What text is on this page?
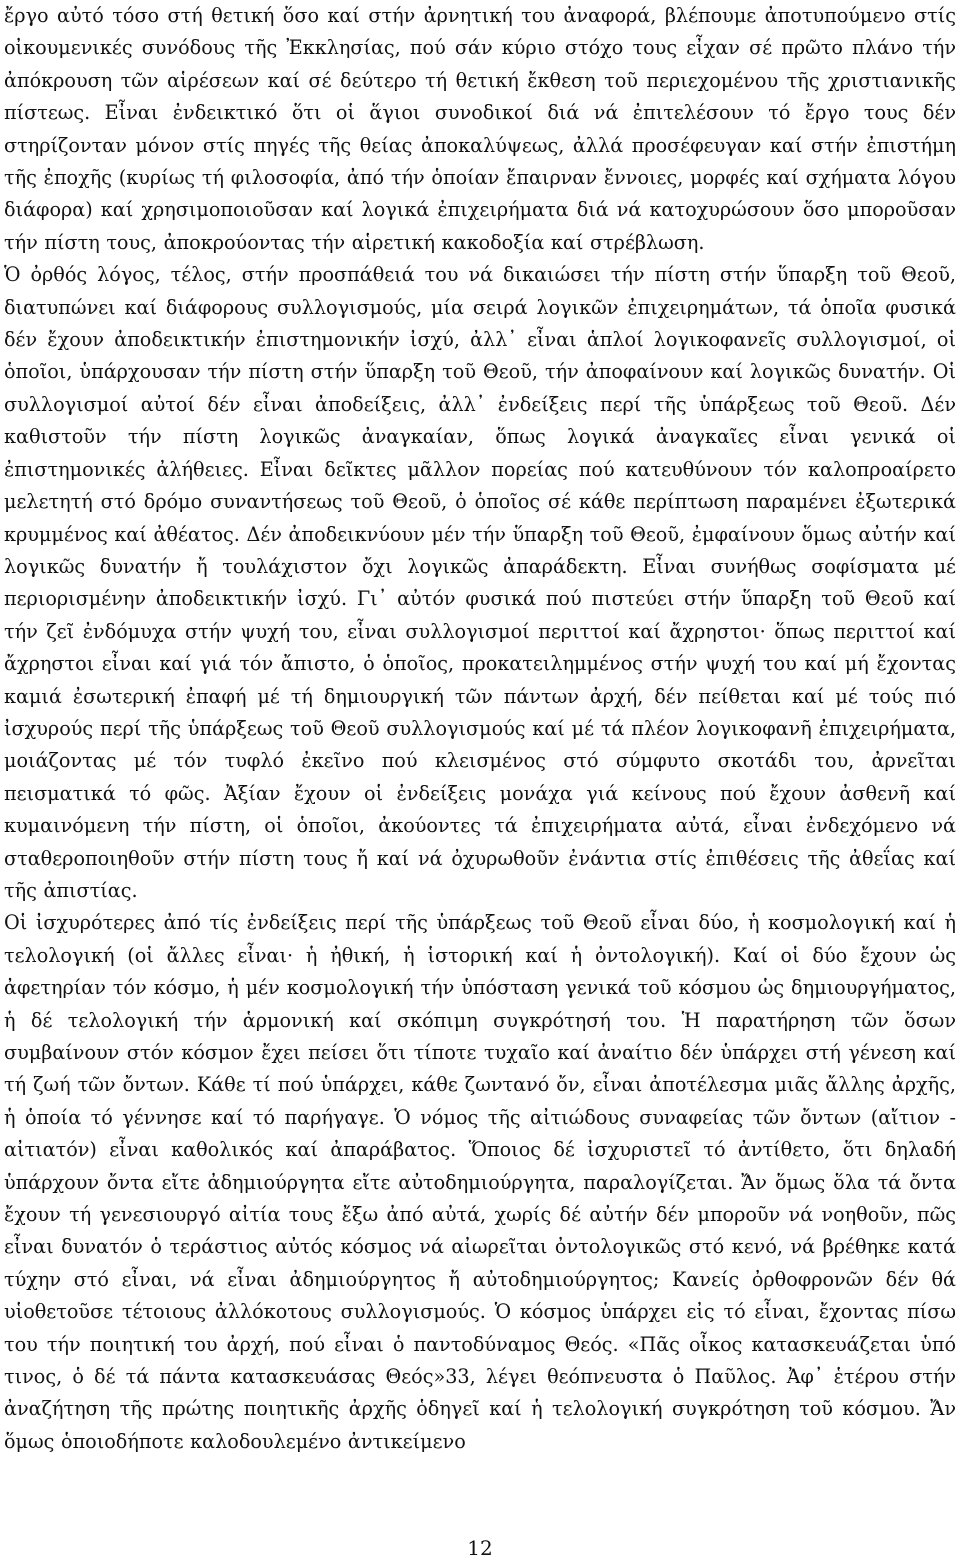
ἔργο αὐτό τόσο στή θετική ὅσο καί στήν ἀρνητική του ἀναφορά, βλέπουμε ἀποτυπούμενο στίς οἰκουμενικές συνόδους τῆς Ἐκκλησίας, πού σάν κύριο στόχο τους εἶχαν σέ πρῶτο πλάνο τήν ἀπόκρουση τῶν αἱρέσεων καί σέ δεύτερο τή θετική ἔκθεση τοῦ περιεχομένου τῆς χριστιανικῆς πίστεως. Εἶναι ἐνδεικτικό ὅτι οἱ ἅγιοι συνοδικοί διά νά ἐπιτελέσουν τό ἔργο τους δέν στηρίζονταν μόνον στίς πηγές τῆς θείας ἀποκαλύψεως, ἀλλά προσέφευγαν καί στήν ἐπιστήμη τῆς ἐποχῆς (κυρίως τή φιλοσοφία, ἀπό τήν ὁποίαν ἔπαιρναν ἔννοιες, μορφές καί σχήματα λόγου διάφορα) καί χρησιμοποιοῦσαν καί λογικά ἐπιχειρήματα διά νά κατοχυρώσουν ὅσο μποροῦσαν τήν πίστη τους, ἀποκρούοντας τήν αἱρετική κακοδοξία καί στρέβλωση.

Ὁ ὀρθός λόγος, τέλος, στήν προσπάθειά του νά δικαιώσει τήν πίστη στήν ὕπαρξη τοῦ Θεοῦ, διατυπώνει καί διάφορους συλλογισμούς, μία σειρά λογικῶν ἐπιχειρημάτων, τά ὁποῖα φυσικά δέν ἔχουν ἀποδεικτικήν ἐπιστημονικήν ἰσχύ, ἀλλ᾿ εἶναι ἁπλοί λογικοφανεῖς συλλογισμοί, οἱ ὁποῖοι, ὑπάρχουσαν τήν πίστη στήν ὕπαρξη τοῦ Θεοῦ, τήν ἀποφαίνουν καί λογικῶς δυνατήν. Οἱ συλλογισμοί αὐτοί δέν εἶναι ἀποδείξεις, ἀλλ᾿ ἐνδείξεις περί τῆς ὑπάρξεως τοῦ Θεοῦ. Δέν καθιστοῦν τήν πίστη λογικῶς ἀναγκαίαν, ὅπως λογικά ἀναγκαῖες εἶναι γενικά οἱ ἐπιστημονικές ἀλήθειες. Εἶναι δεῖκτες μᾶλλον πορείας πού κατευθύνουν τόν καλοπροαίρετο μελετητή στό δρόμο συναντήσεως τοῦ Θεοῦ, ὁ ὁποῖος σέ κάθε περίπτωση παραμένει ἐξωτερικά κρυμμένος καί ἀθέατος. Δέν ἀποδεικνύουν μέν τήν ὕπαρξη τοῦ Θεοῦ, ἐμφαίνουν ὅμως αὐτήν καί λογικῶς δυνατήν ἤ τουλάχιστον ὄχι λογικῶς ἀπαράδεκτη. Εἶναι συνήθως σοφίσματα μέ περιορισμένην ἀποδεικτικήν ἰσχύ. Γι᾿ αὐτόν φυσικά πού πιστεύει στήν ὕπαρξη τοῦ Θεοῦ καί τήν ζεῖ ἐνδόμυχα στήν ψυχή του, εἶναι συλλογισμοί περιττοί καί ἄχρηστοι· ὅπως περιττοί καί ἄχρηστοι εἶναι καί γιά τόν ἄπιστο, ὁ ὁποῖος, προκατειλημμένος στήν ψυχή του καί μή ἔχοντας καμιά ἐσωτερική ἐπαφή μέ τή δημιουργική τῶν πάντων ἀρχή, δέν πείθεται καί μέ τούς πιό ἰσχυρούς περί τῆς ὑπάρξεως τοῦ Θεοῦ συλλογισμούς καί μέ τά πλέον λογικοφανῆ ἐπιχειρήματα, μοιάζοντας μέ τόν τυφλό ἐκεῖνο πού κλεισμένος στό σύμφυτο σκοτάδι του, ἀρνεῖται πεισματικά τό φῶς. Ἀξίαν ἔχουν οἱ ἐνδείξεις μονάχα γιά κείνους πού ἔχουν ἀσθενῆ καί κυμαινόμενη τήν πίστη, οἱ ὁποῖοι, ἀκούοντες τά ἐπιχειρήματα αὐτά, εἶναι ἐνδεχόμενο νά σταθεροποιηθοῦν στήν πίστη τους ἤ καί νά ὀχυρωθοῦν ἐνάντια στίς ἐπιθέσεις τῆς ἀθεΐας καί τῆς ἀπιστίας.

Οἱ ἰσχυρότερες ἀπό τίς ἐνδείξεις περί τῆς ὑπάρξεως τοῦ Θεοῦ εἶναι δύο, ἡ κοσμολογική καί ἡ τελολογική (οἱ ἄλλες εἶναι· ἡ ἠθική, ἡ ἱστορική καί ἡ ὀντολογική). Καί οἱ δύο ἔχουν ὡς ἀφετηρίαν τόν κόσμο, ἡ μέν κοσμολογική τήν ὑπόσταση γενικά τοῦ κόσμου ὡς δημιουργήματος, ἡ δέ τελολογική τήν ἁρμονική καί σκόπιμη συγκρότησή του. Ἡ παρατήρηση τῶν ὅσων συμβαίνουν στόν κόσμον ἔχει πείσει ὅτι τίποτε τυχαῖο καί ἀναίτιο δέν ὑπάρχει στή γένεση καί τή ζωή τῶν ὄντων. Κάθε τί πού ὑπάρχει, κάθε ζωντανό ὄν, εἶναι ἀποτέλεσμα μιᾶς ἄλλης ἀρχῆς, ἡ ὁποία τό γέννησε καί τό παρήγαγε. Ὁ νόμος τῆς αἰτιώδους συναφείας τῶν ὄντων (αἴτιον - αἰτιατόν) εἶναι καθολικός καί ἀπαράβατος. Ὅποιος δέ ἰσχυριστεῖ τό ἀντίθετο, ὅτι δηλαδή ὑπάρχουν ὄντα εἴτε ἀδημιούργητα εἴτε αὐτοδημιούργητα, παραλογίζεται. Ἄν ὅμως ὅλα τά ὄντα ἔχουν τή γενεσιουργό αἰτία τους ἔξω ἀπό αὐτά, χωρίς δέ αὐτήν δέν μποροῦν νά νοηθοῦν, πῶς εἶναι δυνατόν ὁ τεράστιος αὐτός κόσμος νά αἰωρεῖται ὀντολογικῶς στό κενό, νά βρέθηκε κατά τύχην στό εἶναι, νά εἶναι ἀδημιούργητος ἤ αὐτοδημιούργητος; Κανείς ὀρθοφρονῶν δέν θά υἱοθετοῦσε τέτοιους ἀλλόκοτους συλλογισμούς. Ὁ κόσμος ὑπάρχει εἰς τό εἶναι, ἔχοντας πίσω του τήν ποιητική του ἀρχή, πού εἶναι ὁ παντοδύναμος Θεός. «Πᾶς οἶκος κατασκευάζεται ὑπό τινος, ὁ δέ τά πάντα κατασκευάσας Θεός»33, λέγει θεόπνευστα ὁ Παῦλος. Ἀφ᾿ ἑτέρου στήν ἀναζήτηση τῆς πρώτης ποιητικῆς ἀρχῆς ὁδηγεῖ καί ἡ τελολογική συγκρότηση τοῦ κόσμου. Ἄν ὅμως ὁποιοδήποτε καλοδουλεμένο ἀντικείμενο

12
